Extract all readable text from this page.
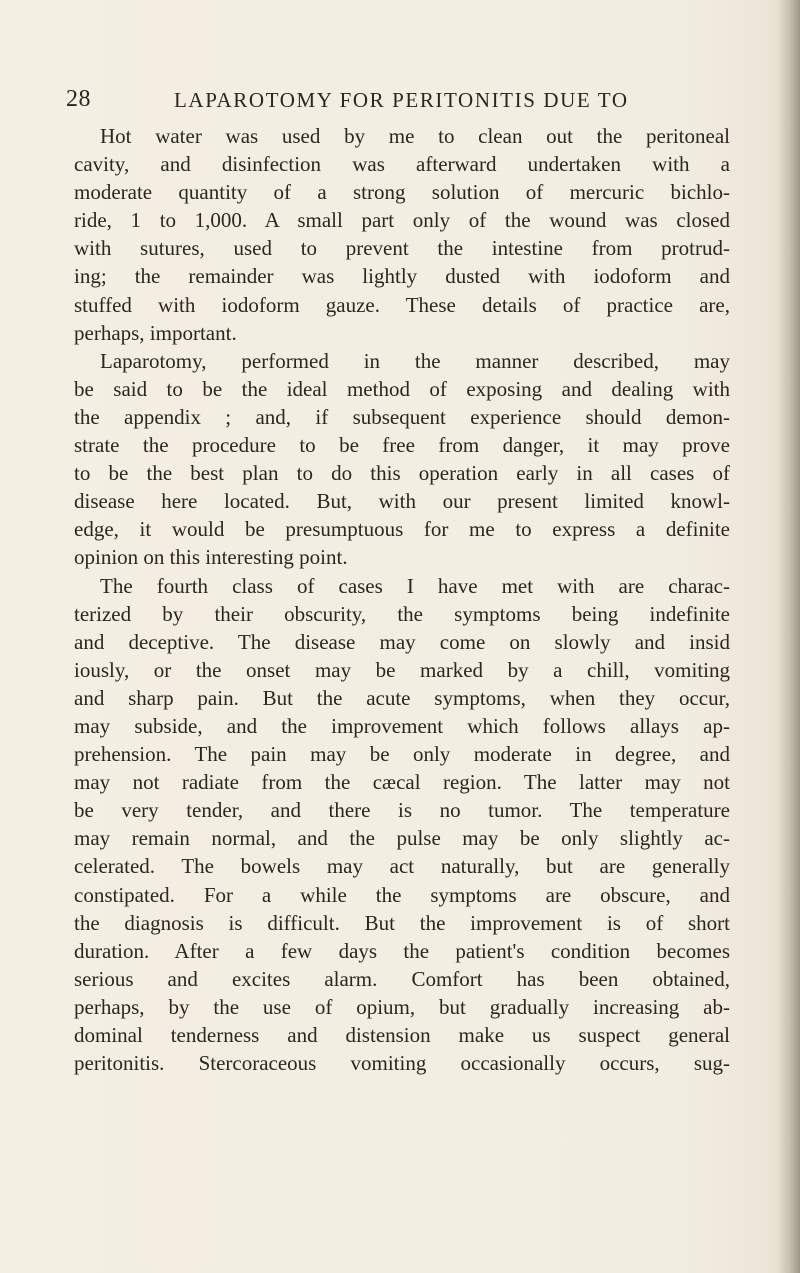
28	LAPAROTOMY FOR PERITONITIS DUE TO
Hot water was used by me to clean out the peritoneal
cavity, and disinfection was afterward undertaken with a
moderate quantity of a strong solution of mercuric bichlo-
ride, 1 to 1,000. A small part only of the wound was closed
with sutures, used to prevent the intestine from protrud-
ing; the remainder was lightly dusted with iodoform and
stuffed with iodoform gauze. These details of practice are,
perhaps, important.
Laparotomy, performed in the manner described, may
be said to be the ideal method of exposing and dealing with
the appendix ; and, if subsequent experience should demon-
strate the procedure to be free from danger, it may prove
to be the best plan to do this operation early in all cases of
disease here located. But, with our present limited knowl-
edge, it would be presumptuous for me to express a definite
opinion on this interesting point.
The fourth class of cases I have met with are charac-
terized by their obscurity, the symptoms being indefinite
and deceptive. The disease may come on slowly and insid
iously, or the onset may be marked by a chill, vomiting
and sharp pain. But the acute symptoms, when they occur,
may subside, and the improvement which follows allays ap-
prehension. The pain may be only moderate in degree, and
may not radiate from the cæcal region. The latter may not
be very tender, and there is no tumor. The temperature
may remain normal, and the pulse may be only slightly ac-
celerated. The bowels may act naturally, but are generally
constipated. For a while the symptoms are obscure, and
the diagnosis is difficult. But the improvement is of short
duration. After a few days the patient's condition becomes
serious and excites alarm. Comfort has been obtained,
perhaps, by the use of opium, but gradually increasing ab-
dominal tenderness and distension make us suspect general
peritonitis. Stercoraceous vomiting occasionally occurs, sug-
